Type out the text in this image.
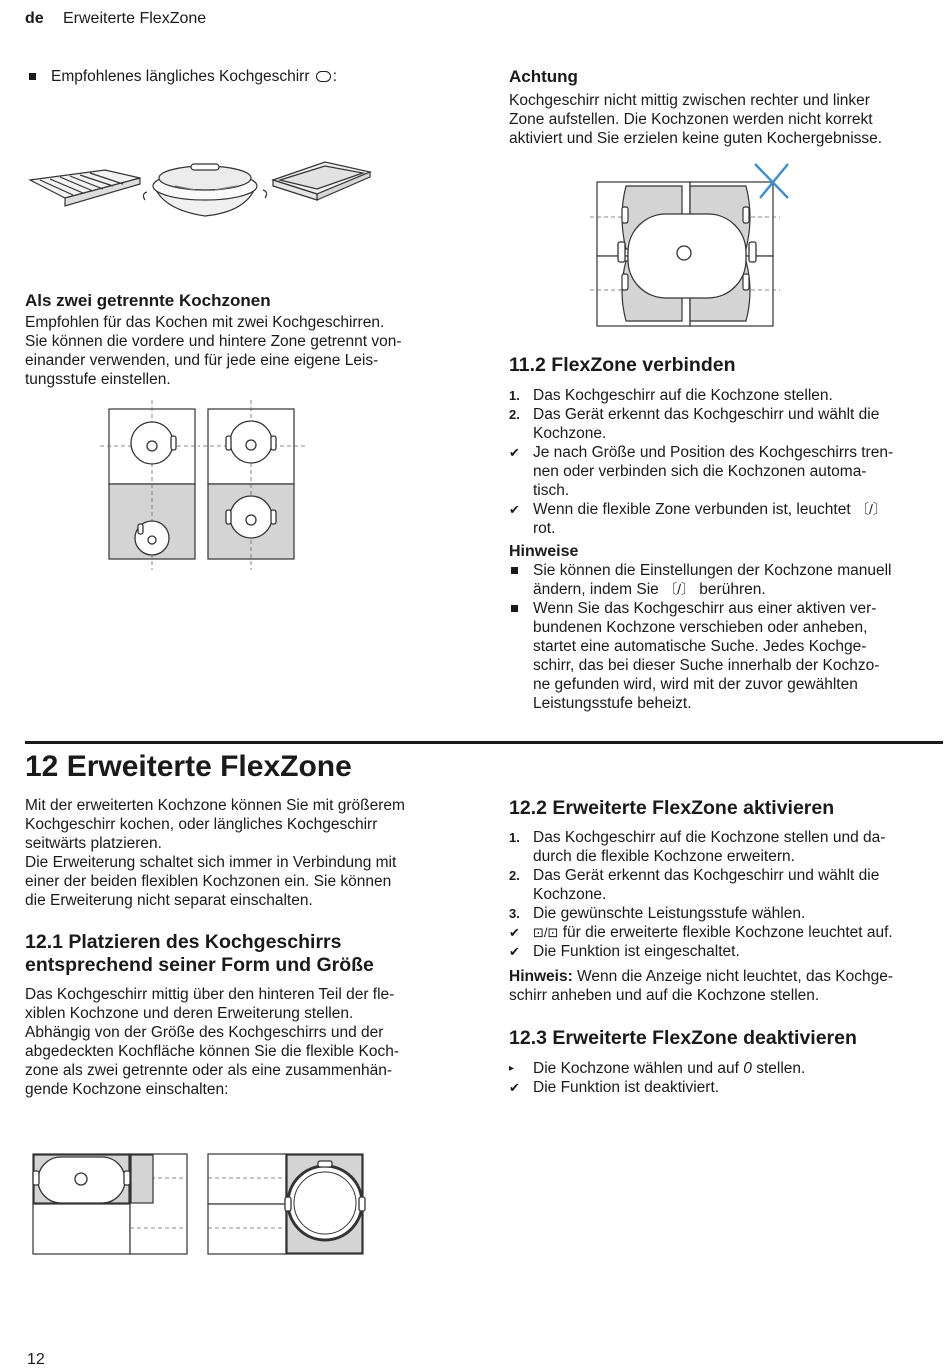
de Erweiterte FlexZone
Empfohlenes längliches Kochgeschirr :
Als zwei getrennte Kochzonen

Empfohlen für das Kochen mit zwei Kochgeschirren.

Sie können die vordere und hintere Zone getrennt von-

einander verwenden, und für jede eine eigene Leis-

tungsstufe einstellen.

Achtung

Kochgeschirr nicht mittig zwischen rechter und linker

Zone aufstellen. Die Kochzonen werden nicht korrekt

aktiviert und Sie erzielen keine guten Kochergebnisse.

11.2 FlexZone verbinden
1. Das Kochgeschirr auf die Kochzone stellen.

2. Das Gerät erkennt das Kochgeschirr und wählt die

Kochzone.

✔ Je nach Größe und Position des Kochgeschirrs tren-

nen oder verbinden sich die Kochzonen automa-

tisch.

✔ Wenn die flexible Zone verbunden ist, leuchtet 〔/〕

rot.

Hinweise

Sie können die Einstellungen der Kochzone manuell

ändern, indem Sie 〔/〕 berühren.

Wenn Sie das Kochgeschirr aus einer aktiven ver-

bundenen Kochzone verschieben oder anheben,

startet eine automatische Suche. Jedes Kochge-

schirr, das bei dieser Suche innerhalb der Kochzo-

ne gefunden wird, wird mit der zuvor gewählten

Leistungsstufe beheizt.

12 Erweiterte FlexZone

Mit der erweiterten Kochzone können Sie mit größerem

Kochgeschirr kochen, oder längliches Kochgeschirr

seitwärts platzieren.

Die Erweiterung schaltet sich immer in Verbindung mit

einer der beiden flexiblen Kochzonen ein. Sie können

die Erweiterung nicht separat einschalten.

12.1 Platzieren des Kochgeschirrs

entsprechend seiner Form und Größe

Das Kochgeschirr mittig über den hinteren Teil der fle-

xiblen Kochzone und deren Erweiterung stellen.

Abhängig von der Größe des Kochgeschirrs und der

abgedeckten Kochfläche können Sie die flexible Koch-

zone als zwei getrennte oder als eine zusammenhän-

gende Kochzone einschalten:

12.2 Erweiterte FlexZone aktivieren
1. Das Kochgeschirr auf die Kochzone stellen und da-

durch die flexible Kochzone erweitern.

2. Das Gerät erkennt das Kochgeschirr und wählt die

Kochzone.

3. Die gewünschte Leistungsstufe wählen.

✔	⊡/⊡ für die erweiterte flexible Kochzone leuchtet auf.

✔ Die Funktion ist eingeschaltet.

Hinweis: Wenn die Anzeige nicht leuchtet, das Kochge-

schirr anheben und auf die Kochzone stellen.

12.3 Erweiterte FlexZone deaktivieren
▸	Die Kochzone wählen und auf 0 stellen.

✔ Die Funktion ist deaktiviert.

12
